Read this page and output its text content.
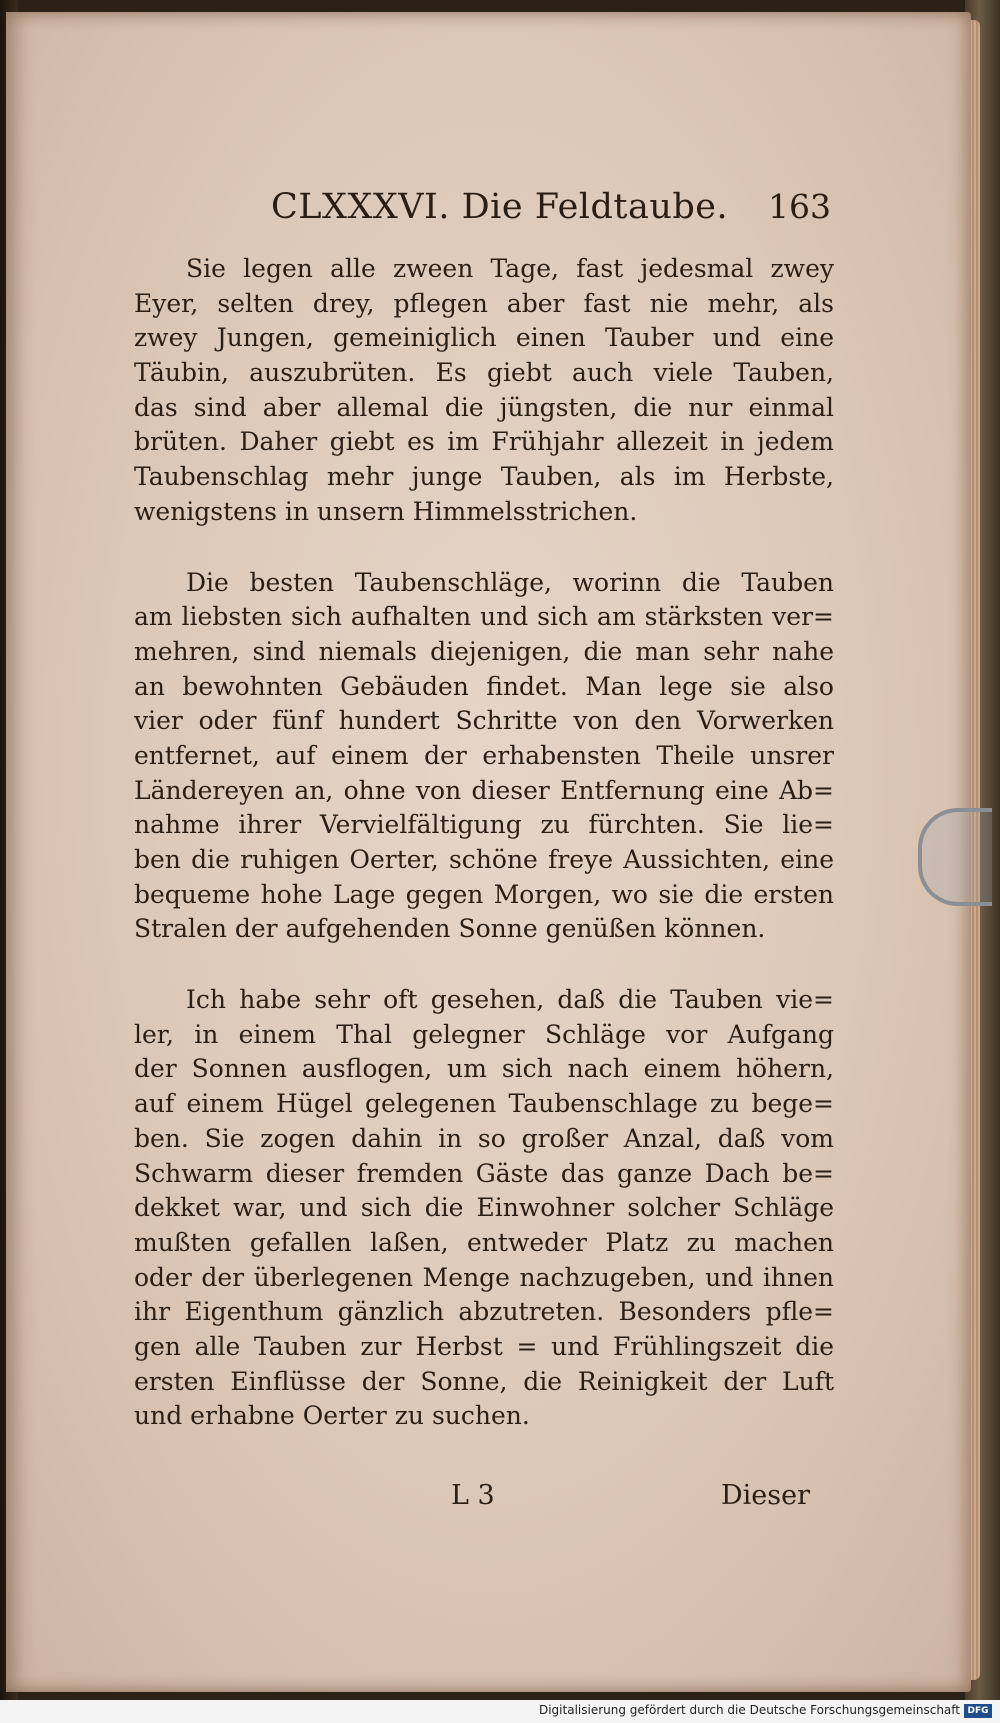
CLXXXVI. Die Feldtaube. 163
Sie legen alle zween Tage, fast jedesmal zwey
Eyer, selten drey, pflegen aber fast nie mehr, als
zwey Jungen, gemeiniglich einen Tauber und eine
Täubin, auszubrüten. Es giebt auch viele Tauben,
das sind aber allemal die jüngsten, die nur einmal
brüten. Daher giebt es im Frühjahr allezeit in jedem
Taubenschlag mehr junge Tauben, als im Herbste,
wenigstens in unsern Himmelsstrichen.
Die besten Taubenschläge, worinn die Tauben
am liebsten sich aufhalten und sich am stärksten ver=
mehren, sind niemals diejenigen, die man sehr nahe
an bewohnten Gebäuden findet. Man lege sie also
vier oder fünf hundert Schritte von den Vorwerken
entfernet, auf einem der erhabensten Theile unsrer
Ländereyen an, ohne von dieser Entfernung eine Ab=
nahme ihrer Vervielfältigung zu fürchten. Sie lie=
ben die ruhigen Oerter, schöne freye Aussichten, eine
bequeme hohe Lage gegen Morgen, wo sie die ersten
Stralen der aufgehenden Sonne genüßen können.
Ich habe sehr oft gesehen, daß die Tauben vie=
ler, in einem Thal gelegner Schläge vor Aufgang
der Sonnen ausflogen, um sich nach einem höhern,
auf einem Hügel gelegenen Taubenschlage zu bege=
ben. Sie zogen dahin in so großer Anzal, daß vom
Schwarm dieser fremden Gäste das ganze Dach be=
dekket war, und sich die Einwohner solcher Schläge
mußten gefallen laßen, entweder Platz zu machen
oder der überlegenen Menge nachzugeben, und ihnen
ihr Eigenthum gänzlich abzutreten. Besonders pfle=
gen alle Tauben zur Herbst = und Frühlingszeit die
ersten Einflüsse der Sonne, die Reinigkeit der Luft
und erhabne Oerter zu suchen.
L 3	Dieser
Digitalisierung gefördert durch die Deutsche Forschungsgemeinschaft DFG
